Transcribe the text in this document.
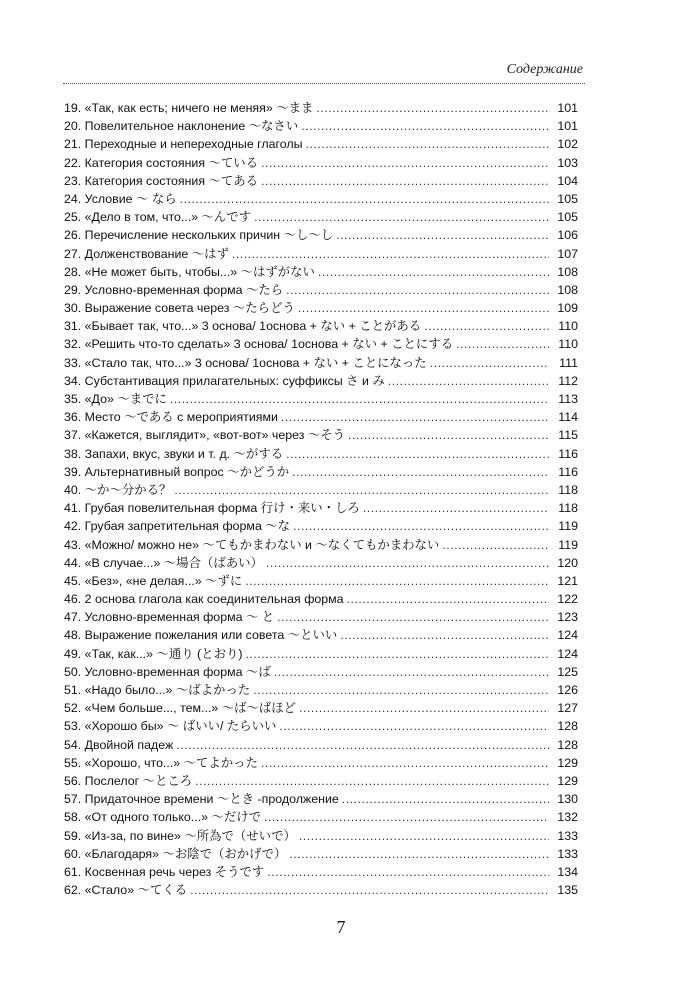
Содержание
19. «Так, как есть; ничего не меняя» 〜まま .....	101
20. Повелительное наклонение 〜なさい .....	101
21. Переходные и непереходные глаголы .....	102
22. Категория состояния 〜ている .....	103
23. Категория состояния 〜てある .....	104
24. Условие 〜 なら .....	105
25. «Дело в том, что...» 〜んです .....	105
26. Перечисление нескольких причин 〜し〜し .....	106
27. Долженствование 〜はず .....	107
28. «Не может быть, чтобы...» 〜はずがない .....	108
29. Условно-временная форма 〜たら .....	108
30. Выражение совета через 〜たらどう .....	109
31. «Бывает так, что...» 3 основа/ 1основа + ない + ことがある .....	110
32. «Решить что-то сделать» 3 основа/ 1основа + ない + ことにする .....	110
33. «Стало так, что...» 3 основа/ 1основа + ない + ことになった .....	111
34. Субстантивация прилагательных: суффиксы さ и み .....	112
35. «До» 〜までに .....	113
36. Место 〜である с мероприятиями .....	114
37. «Кажется, выглядит», «вот-вот» через 〜そう .....	115
38. Запахи, вкус, звуки и т. д. 〜がする .....	116
39. Альтернативный вопрос 〜かどうか .....	116
40. 〜か〜分かる？ .....	118
41. Грубая повелительная форма 行け・来い・しろ .....	118
42. Грубая запретительная форма 〜な .....	119
43. «Можно/ можно не» 〜てもかまわない и 〜なくてもかまわない .....	119
44. «В случае...» 〜場合（ばあい） .....	120
45. «Без», «не делая...» 〜ずに .....	121
46. 2 основа глагола как соединительная форма .....	122
47. Условно-временная форма 〜 と .....	123
48. Выражение пожелания или совета 〜といい .....	124
49. «Так, как...» 〜通り (とおり) .....	124
50. Условно-временная форма 〜ば .....	125
51. «Надо было...» 〜ばよかった .....	126
52. «Чем больше..., тем...» 〜ば〜ばほど .....	127
53. «Хорошо бы» 〜 ばいい/ たらいい .....	128
54. Двойной падеж .....	128
55. «Хорошо, что...» 〜てよかった .....	129
56. Послелог 〜ところ .....	129
57. Придаточное времени 〜とき -продолжение .....	130
58. «От одного только...» 〜だけで .....	132
59. «Из-за, по вине» 〜所為で（せいで） .....	133
60. «Благодаря» 〜お陰で（おかげで） .....	133
61. Косвенная речь через そうです .....	134
62. «Стало» 〜てくる .....	135
7
